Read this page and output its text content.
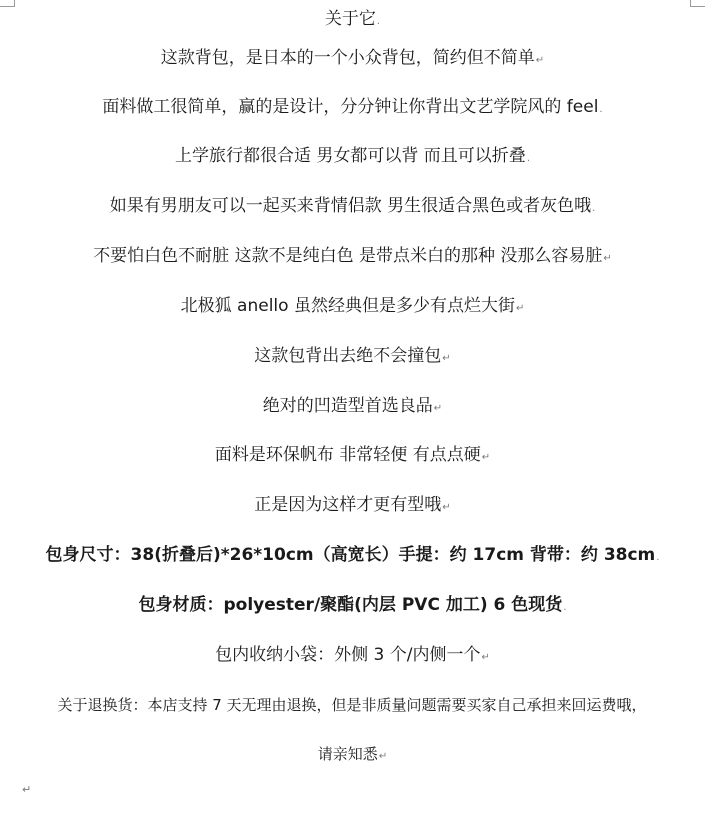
关于它.
这款背包，是日本的一个小众背包，简约但不简单↵
面料做工很简单，赢的是设计，分分钟让你背出文艺学院风的 feel.
上学旅行都很合适 男女都可以背 而且可以折叠.
如果有男朋友可以一起买来背情侣款 男生很适合黑色或者灰色哦.
不要怕白色不耐脏 这款不是纯白色 是带点米白的那种 没那么容易脏↵
北极狐 anello 虽然经典但是多少有点烂大街↵
这款包背出去绝不会撞包↵
绝对的凹造型首选良品↵
面料是环保帆布 非常轻便 有点点硬↵
正是因为这样才更有型哦↵
包身尺寸：38(折叠后)*26*10cm（高宽长）手提：约 17cm 背带：约 38cm.
包身材质：polyester/聚酯(内层 PVC 加工) 6 色现货.
包内收纳小袋：外侧 3 个/内侧一个↵
关于退换货：本店支持 7 天无理由退换，但是非质量问题需要买家自己承担来回运费哦，
请亲知悉↵
↵
